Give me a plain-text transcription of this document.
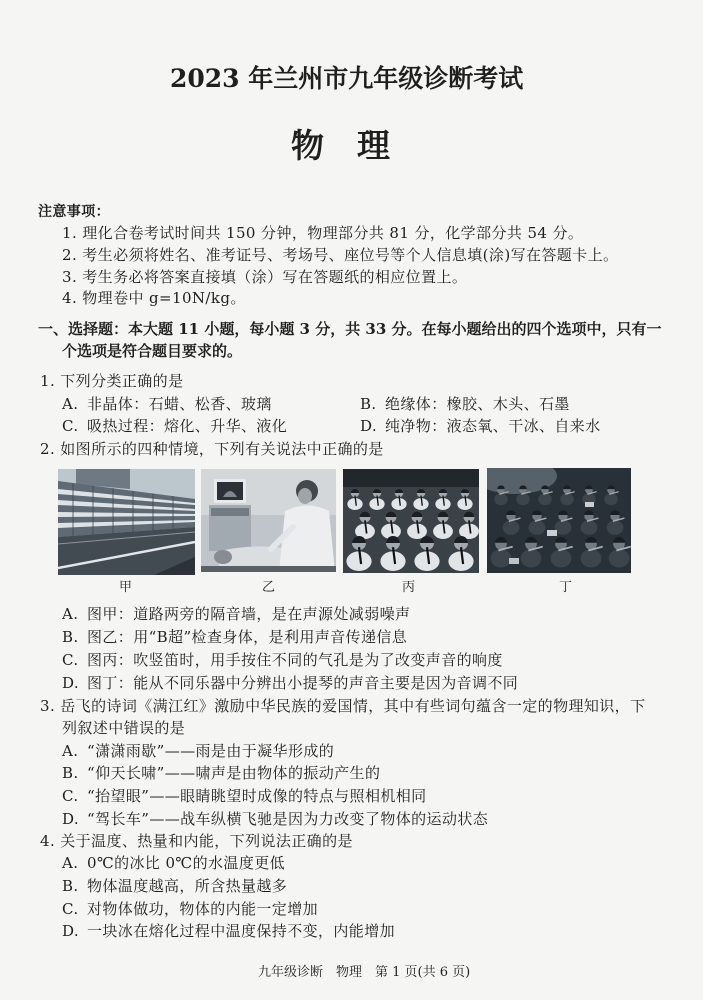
2023 年兰州市九年级诊断考试
物　理
注意事项：
1. 理化合卷考试时间共 150 分钟，物理部分共 81 分，化学部分共 54 分。
2. 考生必须将姓名、准考证号、考场号、座位号等个人信息填(涂)写在答题卡上。
3. 考生务必将答案直接填（涂）写在答题纸的相应位置上。
4. 物理卷中 g=10N/kg。
一、选择题：本大题 11 小题，每小题 3 分，共 33 分。在每小题给出的四个选项中，只有一
个选项是符合题目要求的。
1. 下列分类正确的是
A. 非晶体：石蜡、松香、玻璃	B. 绝缘体：橡胶、木头、石墨
C. 吸热过程：熔化、升华、液化	D. 纯净物：液态氧、干冰、自来水
2. 如图所示的四种情境，下列有关说法中正确的是
甲	乙	丙	丁
A. 图甲：道路两旁的隔音墙，是在声源处减弱噪声
B. 图乙：用“B超”检查身体，是利用声音传递信息
C. 图丙：吹竖笛时，用手按住不同的气孔是为了改变声音的响度
D. 图丁：能从不同乐器中分辨出小提琴的声音主要是因为音调不同
3. 岳飞的诗词《满江红》激励中华民族的爱国情，其中有些词句蕴含一定的物理知识，下
列叙述中错误的是
A. “潇潇雨歇”——雨是由于凝华形成的
B. “仰天长啸”——啸声是由物体的振动产生的
C. “抬望眼”——眼睛眺望时成像的特点与照相机相同
D. “驾长车”——战车纵横飞驰是因为力改变了物体的运动状态
4. 关于温度、热量和内能，下列说法正确的是
A. 0℃的冰比 0℃的水温度更低
B. 物体温度越高，所含热量越多
C. 对物体做功，物体的内能一定增加
D. 一块冰在熔化过程中温度保持不变，内能增加
九年级诊断　物理　第 1 页(共 6 页)
